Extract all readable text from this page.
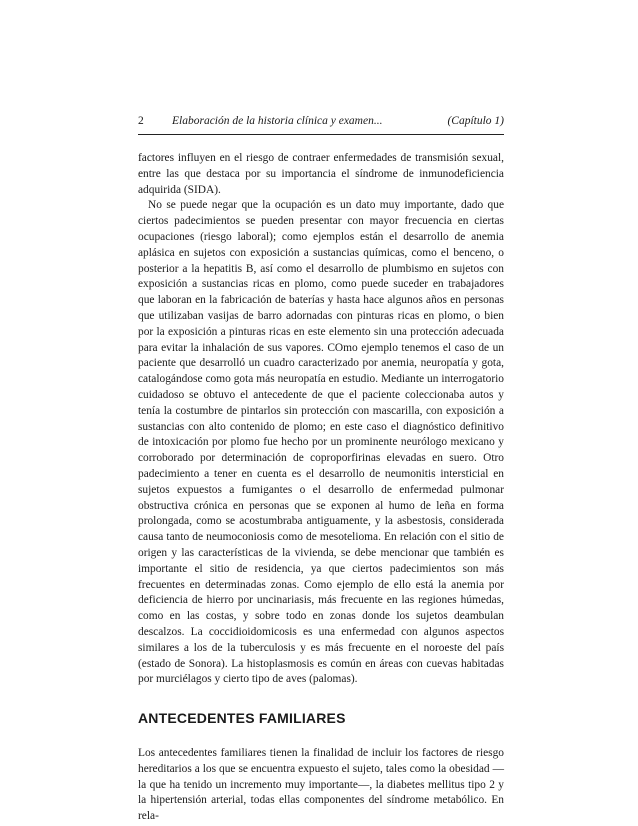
2 Elaboración de la historia clínica y examen...	(Capítulo 1)

factores influyen en el riesgo de contraer enfermedades de transmisión sexual, entre las que destaca por su importancia el síndrome de inmunodeficiencia adquirida (SIDA).

No se puede negar que la ocupación es un dato muy importante, dado que ciertos padecimientos se pueden presentar con mayor frecuencia en ciertas ocupaciones (riesgo laboral); como ejemplos están el desarrollo de anemia aplásica en sujetos con exposición a sustancias químicas, como el benceno, o posterior a la hepatitis B, así como el desarrollo de plumbismo en sujetos con exposición a sustancias ricas en plomo, como puede suceder en trabajadores que laboran en la fabricación de baterías y hasta hace algunos años en personas que utilizaban vasijas de barro adornadas con pinturas ricas en plomo, o bien por la exposición a pinturas ricas en este elemento sin una protección adecuada para evitar la inhalación de sus vapores. COmo ejemplo tenemos el caso de un paciente que desarrolló un cuadro caracterizado por anemia, neuropatía y gota, catalogándose como gota más neuropatía en estudio. Mediante un interrogatorio cuidadoso se obtuvo el antecedente de que el paciente coleccionaba autos y tenía la costumbre de pintarlos sin protección con mascarilla, con exposición a sustancias con alto contenido de plomo; en este caso el diagnóstico definitivo de intoxicación por plomo fue hecho por un prominente neurólogo mexicano y corroborado por determinación de coproporfirinas elevadas en suero. Otro padecimiento a tener en cuenta es el desarrollo de neumonitis intersticial en sujetos expuestos a fumigantes o el desarrollo de enfermedad pulmonar obstructiva crónica en personas que se exponen al humo de leña en forma prolongada, como se acostumbraba antiguamente, y la asbestosis, considerada causa tanto de neumoconiosis como de mesotelioma. En relación con el sitio de origen y las características de la vivienda, se debe mencionar que también es importante el sitio de residencia, ya que ciertos padecimientos son más frecuentes en determinadas zonas. Como ejemplo de ello está la anemia por deficiencia de hierro por uncinariasis, más frecuente en las regiones húmedas, como en las costas, y sobre todo en zonas donde los sujetos deambulan descalzos. La coccidioidomicosis es una enfermedad con algunos aspectos similares a los de la tuberculosis y es más frecuente en el noroeste del país (estado de Sonora). La histoplasmosis es común en áreas con cuevas habitadas por murciélagos y cierto tipo de aves (palomas).

ANTECEDENTES FAMILIARES

Los antecedentes familiares tienen la finalidad de incluir los factores de riesgo hereditarios a los que se encuentra expuesto el sujeto, tales como la obesidad —la que ha tenido un incremento muy importante—, la diabetes mellitus tipo 2 y la hipertensión arterial, todas ellas componentes del síndrome metabólico. En rela-
